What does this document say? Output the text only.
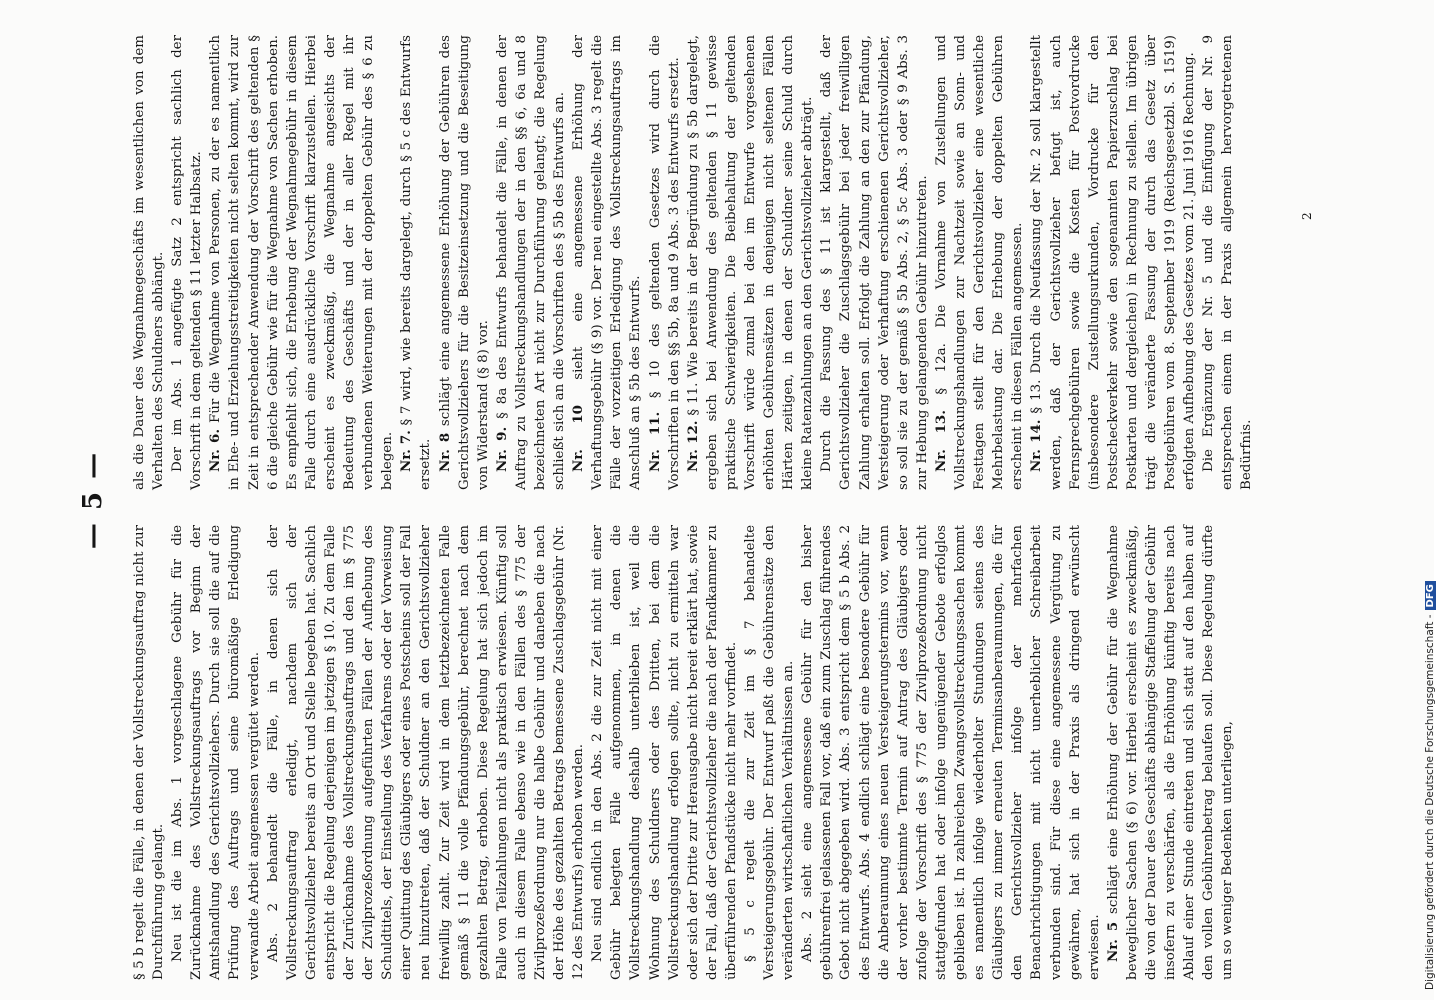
— 5 —

§ 5 b regelt die Fälle, in denen der Vollstreckungsauftrag nicht zur Durchführung gelangt. Neu ist die im Abs. 1 vorgeschlagene Gebühr für die Zurücknahme des Vollstreckungsauftrags vor Beginn der Amtshandlung des Gerichtsvollziehers. Durch sie soll die auf die Prüfung des Auftrags und seine büromäßige Erledigung verwandte Arbeit angemessen vergütet werden. Abs. 2 behandelt die Fälle, in denen sich der Vollstreckungsauftrag erledigt, nachdem sich der Gerichtsvollzieher bereits an Ort und Stelle begeben hat. Sachlich entspricht die Regelung derjenigen im jetzigen § 10. Zu dem Falle der Zurücknahme des Vollstreckungsauftrags und den im § 775 der Zivilprozeßordnung aufgeführten Fällen der Aufhebung des Schuldtitels, der Einstellung des Verfahrens oder der Vorweisung einer Quittung des Gläubigers oder eines Postscheins soll der Fall neu hinzutreten, daß der Schuldner an den Gerichtsvollzieher freiwillig zahlt. Zur Zeit wird in dem letztbezeichneten Falle gemäß § 11 die volle Pfändungsgebühr, berechnet nach dem gezahlten Betrag, erhoben. Diese Regelung hat sich jedoch im Falle von Teilzahlungen nicht als praktisch erwiesen. Künftig soll auch in diesem Falle ebenso wie in den Fällen des § 775 der Zivilprozeßordnung nur die halbe Gebühr und daneben die nach der Höhe des gezahlten Betrags bemessene Zuschlagsgebühr (Nr. 12 des Entwurfs) erhoben werden. Neu sind endlich in den Abs. 2 die zur Zeit nicht mit einer Gebühr belegten Fälle aufgenommen, in denen die Vollstreckungshandlung deshalb unterblieben ist, weil die Wohnung des Schuldners oder des Dritten, bei dem die Vollstreckungshandlung erfolgen sollte, nicht zu ermitteln war oder sich der Dritte zur Herausgabe nicht bereit erklärt hat, sowie der Fall, daß der Gerichtsvollzieher die nach der Pfandkammer zu überführenden Pfandstücke nicht mehr vorfindet. § 5 c regelt die zur Zeit im § 7 behandelte Versteigerungsgebühr. Der Entwurf paßt die Gebührensätze den veränderten wirtschaftlichen Verhältnissen an. Abs. 2 sieht eine angemessene Gebühr für den bisher gebührenfrei gelassenen Fall vor, daß ein zum Zuschlag führendes Gebot nicht abgegeben wird. Abs. 3 entspricht dem § 5 b Abs. 2 des Entwurfs. Abs. 4 endlich schlägt eine besondere Gebühr für die Anberaumung eines neuen Versteigerungstermins vor, wenn der vorher bestimmte Termin auf Antrag des Gläubigers oder zufolge der Vorschrift des § 775 der Zivilprozeßordnung nicht stattgefunden hat oder infolge ungenügender Gebote erfolglos geblieben ist. In zahlreichen Zwangsvollstreckungssachen kommt es namentlich infolge wiederholter Stundungen seitens des Gläubigers zu immer erneuten Terminsanberaumungen, die für den Gerichtsvollzieher infolge der mehrfachen Benachrichtigungen mit nicht unerheblicher Schreibarbeit verbunden sind. Für diese eine angemessene Vergütung zu gewähren, hat sich in der Praxis als dringend erwünscht erwiesen. Nr. 5 schlägt eine Erhöhung der Gebühr für die Wegnahme beweglicher Sachen (§ 6) vor. Hierbei erscheint es zweckmäßig, die von der Dauer des Geschäfts abhängige Staffelung der Gebühr insofern zu verschärfen, als die Erhöhung künftig bereits nach Ablauf einer Stunde eintreten und sich statt auf den halben auf den vollen Gebührenbetrag belaufen soll. Diese Regelung dürfte um so weniger Bedenken unterliegen,

als die Dauer des Wegnahmegeschäfts im wesentlichen von dem Verhalten des Schuldners abhängt. Der im Abs. 1 angefügte Satz 2 entspricht sachlich der Vorschrift in dem geltenden § 11 letzter Halbsatz. Nr. 6. Für die Wegnahme von Personen, zu der es namentlich in Ehe- und Erziehungsstreitigkeiten nicht selten kommt, wird zur Zeit in entsprechender Anwendung der Vorschrift des geltenden § 6 die gleiche Gebühr wie für die Wegnahme von Sachen erhoben. Es empfiehlt sich, die Erhebung der Wegnahmegebühr in diesem Falle durch eine ausdrückliche Vorschrift klarzustellen. Hierbei erscheint es zweckmäßig, die Wegnahme angesichts der Bedeutung des Geschäfts und der in aller Regel mit ihr verbundenen Weiterungen mit der doppelten Gebühr des § 6 zu belegen. Nr. 7. § 7 wird, wie bereits dargelegt, durch § 5 c des Entwurfs ersetzt. Nr. 8 schlägt eine angemessene Erhöhung der Gebühren des Gerichtsvollziehers für die Besitzeinsetzung und die Beseitigung von Widerstand (§ 8) vor. Nr. 9. § 8a des Entwurfs behandelt die Fälle, in denen der Auftrag zu Vollstreckungshandlungen der in den §§ 6, 6a und 8 bezeichneten Art nicht zur Durchführung gelangt; die Regelung schließt sich an die Vorschriften des § 5b des Entwurfs an. Nr. 10 sieht eine angemessene Erhöhung der Verhaftungsgebühr (§ 9) vor. Der neu eingestellte Abs. 3 regelt die Fälle der vorzeitigen Erledigung des Vollstreckungsauftrags im Anschluß an § 5b des Entwurfs. Nr. 11. § 10 des geltenden Gesetzes wird durch die Vorschriften in den §§ 5b, 8a und 9 Abs. 3 des Entwurfs ersetzt. Nr. 12. § 11. Wie bereits in der Begründung zu § 5b dargelegt, ergeben sich bei Anwendung des geltenden § 11 gewisse praktische Schwierigkeiten. Die Beibehaltung der geltenden Vorschrift würde zumal bei den im Entwurfe vorgesehenen erhöhten Gebührensätzen in denjenigen nicht seltenen Fällen Härten zeitigen, in denen der Schuldner seine Schuld durch kleine Ratenzahlungen an den Gerichtsvollzieher abträgt. Durch die Fassung des § 11 ist klargestellt, daß der Gerichtsvollzieher die Zuschlagsgebühr bei jeder freiwilligen Zahlung erhalten soll. Erfolgt die Zahlung an den zur Pfändung, Versteigerung oder Verhaftung erschienenen Gerichtsvollzieher, so soll sie zu der gemäß § 5b Abs. 2, § 5c Abs. 3 oder § 9 Abs. 3 zur Hebung gelangenden Gebühr hinzutreten. Nr. 13. § 12a. Die Vornahme von Zustellungen und Vollstreckungshandlungen zur Nachtzeit sowie an Sonn- und Festtagen stellt für den Gerichtsvollzieher eine wesentliche Mehrbelastung dar. Die Erhebung der doppelten Gebühren erscheint in diesen Fällen angemessen. Nr. 14. § 13. Durch die Neufassung der Nr. 2 soll klargestellt werden, daß der Gerichtsvollzieher befugt ist, auch Fernsprechgebühren sowie die Kosten für Postvordrucke (insbesondere Zustellungsurkunden, Vordrucke für den Postscheckverkehr sowie den sogenannten Papierzuschlag bei Postkarten und dergleichen) in Rechnung zu stellen. Im übrigen trägt die veränderte Fassung der durch das Gesetz über Postgebühren vom 8. September 1919 (Reichsgesetzbl. S. 1519) erfolgten Aufhebung des Gesetzes vom 21. Juni 1916 Rechnung. Die Ergänzung der Nr. 5 und die Einfügung der Nr. 9 entsprechen einem in der Praxis allgemein hervorgetretenen Bedürfnis.

2
Digitalisierung gefördert durch die Deutsche Forschungsgemeinschaft -DFG
